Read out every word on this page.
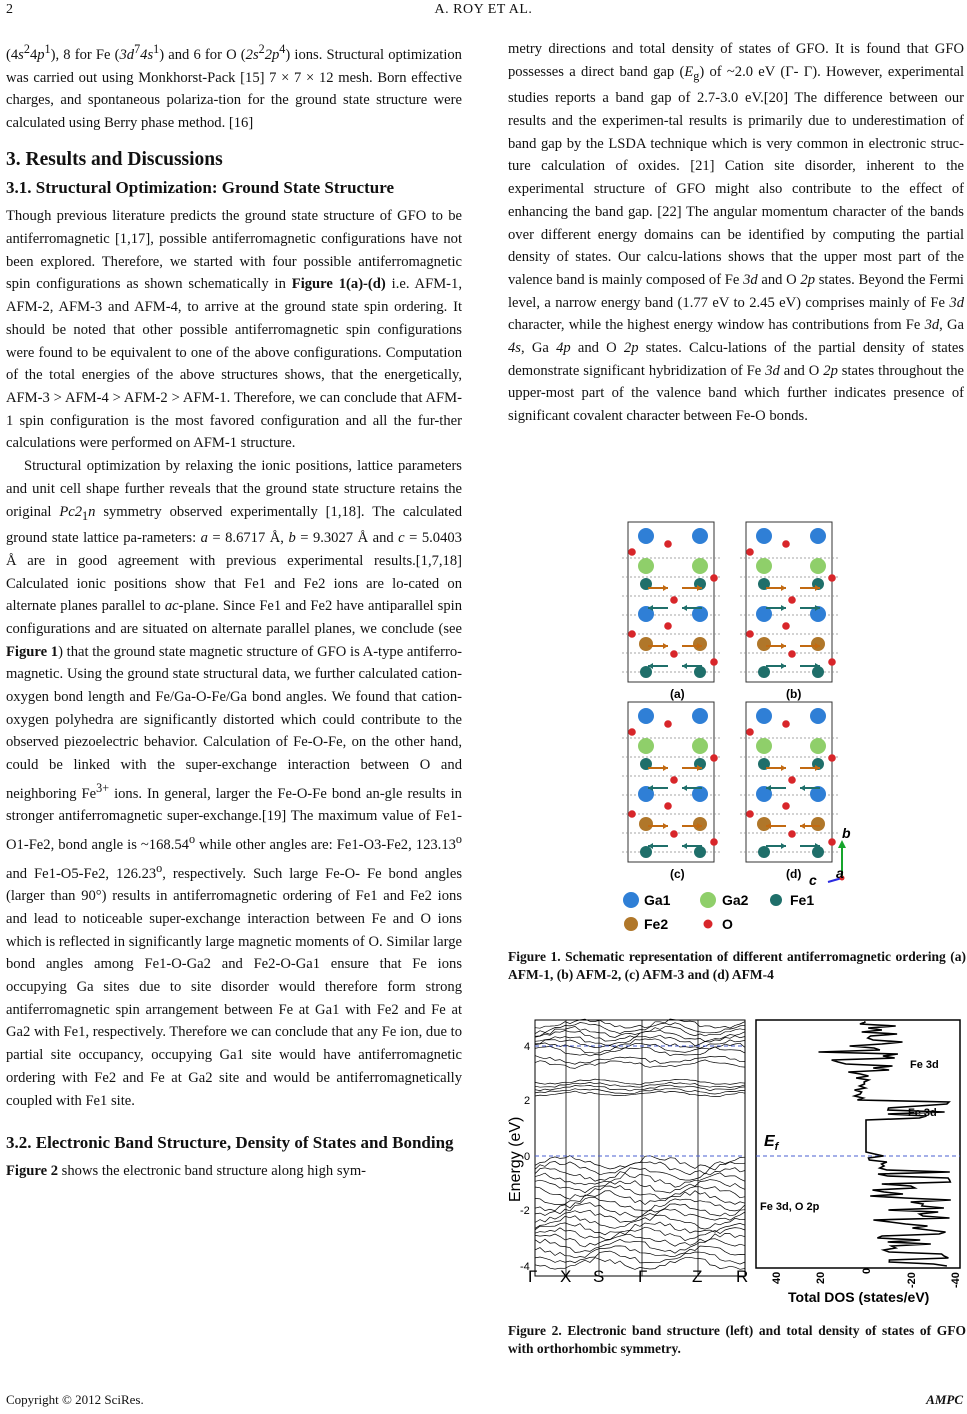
2	A. ROY ET AL.

$(4s^24p^1)$, 8 for Fe $(3d^74s^1)$ and 6 for O $(2s^22p^4)$ ions. Structural optimization was carried out using Monkhorst-Pack [15] 7 × 7 × 12 mesh. Born effective charges, and spontaneous polariza-tion for the ground state structure were calculated using Berry phase method. [16]

3. Results and Discussions
3.1. Structural Optimization: Ground State Structure

Though previous literature predicts the ground state structure of GFO to be antiferromagnetic [1,17], possible antiferromagnetic configurations have not been explored. Therefore, we started with four possible antiferromagnetic spin configurations as shown schematically in Figure 1(a)-(d) i.e. AFM-1, AFM-2, AFM-3 and AFM-4, to arrive at the ground state spin ordering. It should be noted that other possible antiferromagnetic spin configurations were found to be equivalent to one of the above configurations. Computation of the total energies of the above structures shows, that the energetically, AFM-3 > AFM-4 > AFM-2 > AFM-1. Therefore, we can conclude that AFM-1 spin configuration is the most favored configuration and all the fur-ther calculations were performed on AFM-1 structure.

Structural optimization by relaxing the ionic positions, lattice parameters and unit cell shape further reveals that the ground state structure retains the original $Pc2_1n$ symmetry observed experimentally [1,18]. The calculated ground state lattice pa-rameters: a = 8.6717 Å, b = 9.3027 Å and c = 5.0403 Å are in good agreement with previous experimental results.[1,7,18] Calculated ionic positions show that Fe1 and Fe2 ions are lo-cated on alternate planes parallel to ac-plane. Since Fe1 and Fe2 have antiparallel spin configurations and are situated on alternate parallel planes, we conclude (see Figure 1) that the ground state magnetic structure of GFO is A-type antiferro-magnetic. Using the ground state structural data, we further calculated cation-oxygen bond length and Fe/Ga-O-Fe/Ga bond angles. We found that cation-oxygen polyhedra are significantly distorted which could contribute to the observed piezoelectric behavior. Calculation of Fe-O-Fe, on the other hand, could be linked with the super-exchange interaction between O and neighboring $Fe^{3+}$ ions. In general, larger the Fe-O-Fe bond an-gle results in stronger antiferromagnetic super-exchange.[19] The maximum value of Fe1-O1-Fe2, bond angle is ~168.54$^o$ while other angles are: Fe1-O3-Fe2, 123.13$^o$ and Fe1-O5-Fe2, 126.23$^o$, respectively. Such large Fe-O- Fe bond angles (larger than 90°) results in antiferromagnetic ordering of Fe1 and Fe2 ions and lead to noticeable super-exchange interaction between Fe and O ions which is reflected in significantly large magnetic moments of O. Similar large bond angles among Fe1-O-Ga2 and Fe2-O-Ga1 ensure that Fe ions occupying Ga sites due to site disorder would therefore form strong antiferromagnetic spin arrangement between Fe at Ga1 with Fe2 and Fe at Ga2 with Fe1, respectively. Therefore we can conclude that any Fe ion, due to partial site occupancy, occupying Ga1 site would have antiferromagnetic ordering with Fe2 and Fe at Ga2 site and would be antiferromagnetically coupled with Fe1 site.

3.2. Electronic Band Structure, Density of States and Bonding

Figure 2 shows the electronic band structure along high sym-

metry directions and total density of states of GFO. It is found that GFO possesses a direct band gap $(E_g)$ of ~2.0 eV (Γ- Γ). However, experimental studies reports a band gap of 2.7-3.0 eV.[20] The difference between our results and the experimen-tal results is primarily due to underestimation of band gap by the LSDA technique which is very common in electronic struc-ture calculation of oxides. [21] Cation site disorder, inherent to the experimental structure of GFO might also contribute to the effect of enhancing the band gap. [22] The angular momentum character of the bands over different energy domains can be identified by computing the partial density of states. Our calcu-lations shows that the upper most part of the valence band is mainly composed of Fe 3d and O 2p states. Beyond the Fermi level, a narrow energy band (1.77 eV to 2.45 eV) comprises mainly of Fe 3d character, while the highest energy window has contributions from Fe 3d, Ga 4s, Ga 4p and O 2p states. Calcu-lations of the partial density of states demonstrate significant hybridization of Fe 3d and O 2p states throughout the upper-most part of the valence band which further indicates presence of significant covalent character between Fe-O bonds.

(a)	(b)
(c)	(d)
b
c a
Ga1	Ga2	Fe1
Fe2	O
Figure 1. Schematic representation of different antiferromagnetic ordering (a) AFM-1, (b) AFM-2, (c) AFM-3 and (d) AFM-4
4
2
0
-2
-4
Energy (eV)
Γ X S Γ	Z R
$E_f$
Fe 3d
Fe 3d
Fe 3d, O 2p
40	20
0
-20	-40
Total DOS (states/eV)
Figure 2. Electronic band structure (left) and total density of states of GFO with orthorhombic symmetry.
Copyright © 2012 SciRes.	AMPC
